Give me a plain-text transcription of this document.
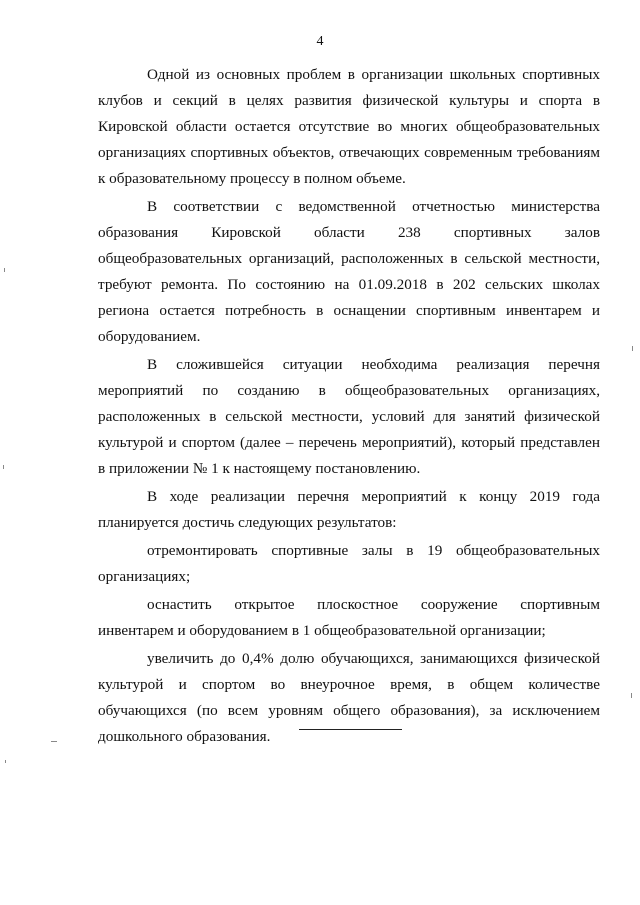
4

Одной из основных проблем в организации школьных спортивных клубов и секций в целях развития физической культуры и спорта в Кировской области остается отсутствие во многих общеобразовательных организациях спортивных объектов, отвечающих современным требованиям к образовательному процессу в полном объеме.

В соответствии с ведомственной отчетностью министерства образования Кировской области 238 спортивных залов общеобразовательных организаций, расположенных в сельской местности, требуют ремонта. По состоянию на 01.09.2018 в 202 сельских школах региона остается потребность в оснащении спортивным инвентарем и оборудованием.

В сложившейся ситуации необходима реализация перечня мероприятий по созданию в общеобразовательных организациях, расположенных в сельской местности, условий для занятий физической культурой и спортом (далее – перечень мероприятий), который представлен в приложении № 1 к настоящему постановлению.

В ходе реализации перечня мероприятий к концу 2019 года планируется достичь следующих результатов:

отремонтировать спортивные залы в 19 общеобразовательных организациях;

оснастить открытое плоскостное сооружение спортивным инвентарем и оборудованием в 1 общеобразовательной организации;

увеличить до 0,4% долю обучающихся, занимающихся физической культурой и спортом во внеурочное время, в общем количестве обучающихся (по всем уровням общего образования), за исключением дошкольного образования.
